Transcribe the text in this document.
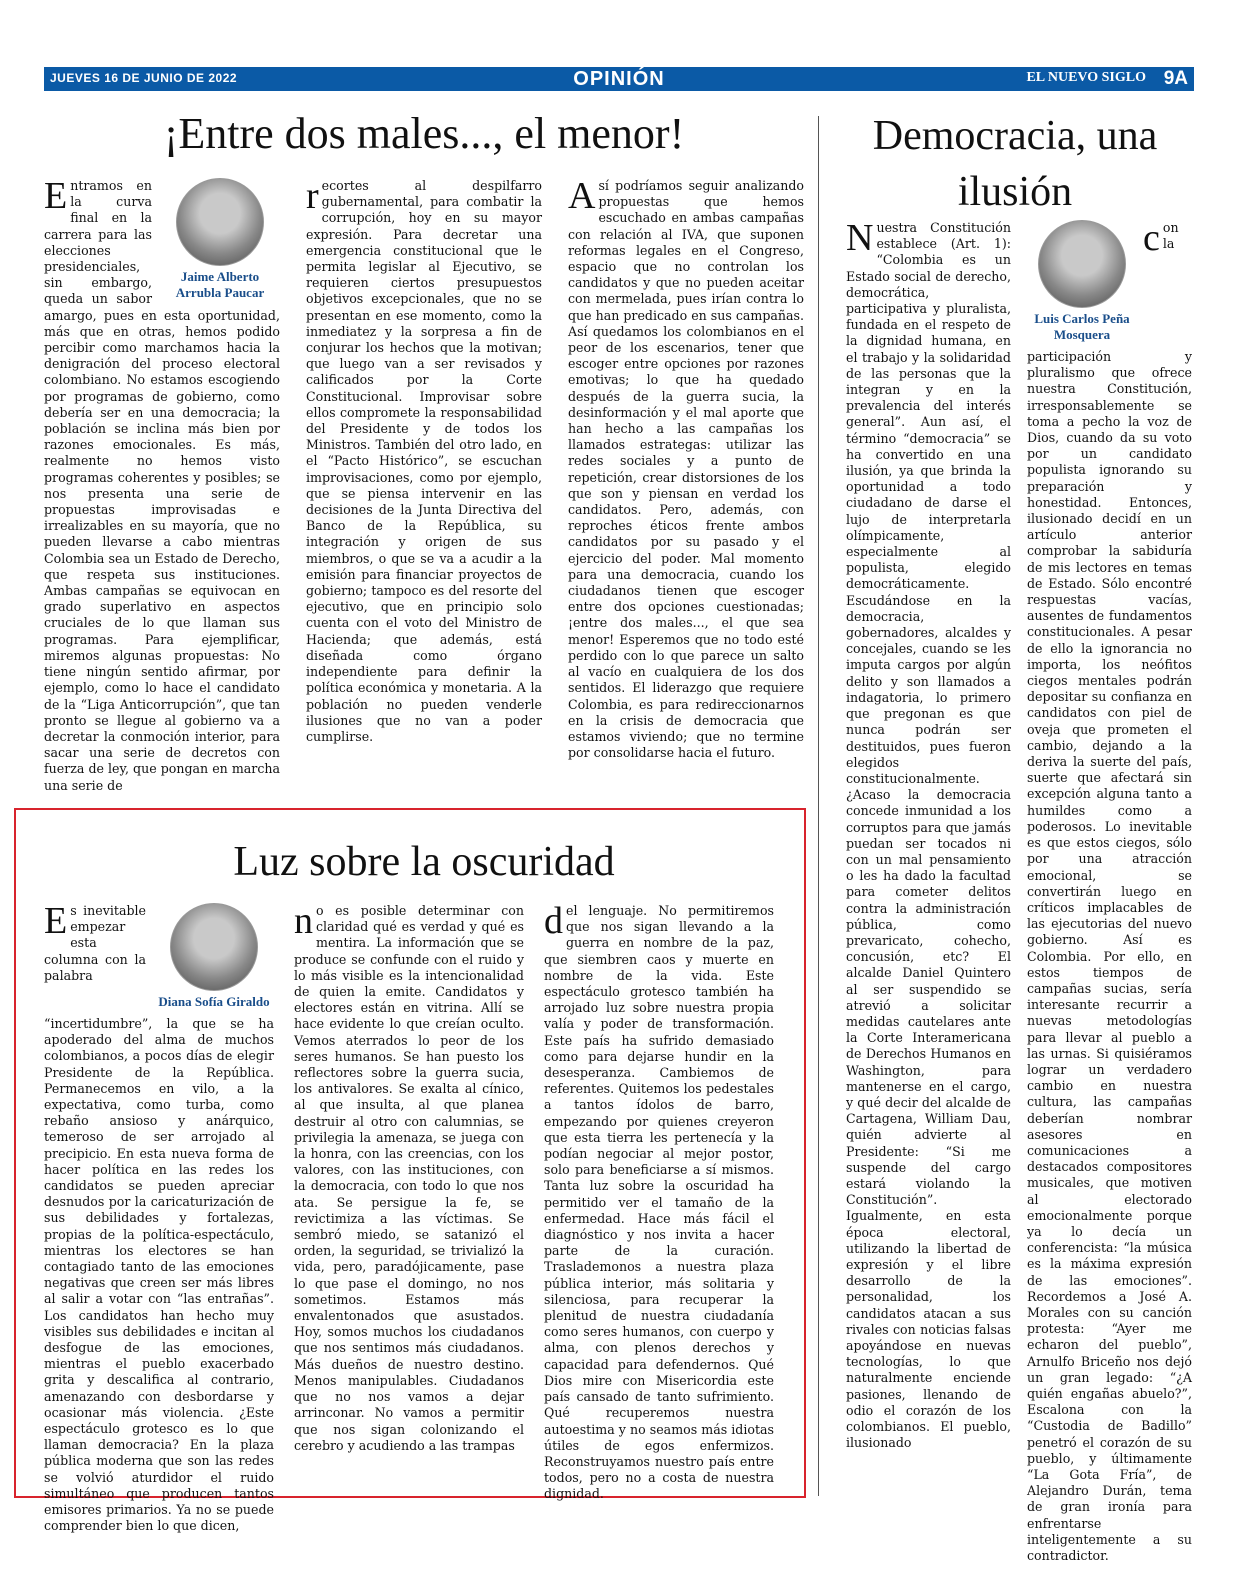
JUEVES 16 DE JUNIO DE 2022	OPINIÓN	EL NUEVO SIGLO 9A
¡Entre dos males..., el menor!
Jaime Alberto Arrubla Paucar

Entramos en la curva final en la carrera para las elecciones presidenciales, sin embargo, queda un sabor amargo, pues en esta oportunidad, más que en otras, hemos podido percibir como marchamos hacia la denigración del proceso electoral colombiano. No estamos escogiendo por programas de gobierno, como debería ser en una democracia; la población se inclina más bien por razones emocionales. Es más, realmente no hemos visto programas coherentes y posibles; se nos presenta una serie de propuestas improvisadas e irrealizables en su mayoría, que no pueden llevarse a cabo mientras Colombia sea un Estado de Derecho, que respeta sus instituciones. Ambas campañas se equivocan en grado superlativo en aspectos cruciales de lo que llaman sus programas. Para ejemplificar, miremos algunas propuestas: No tiene ningún sentido afirmar, por ejemplo, como lo hace el candidato de la “Liga Anticorrupción”, que tan pronto se llegue al gobierno va a decretar la conmoción interior, para sacar una serie de decretos con fuerza de ley, que pongan en marcha una serie de

recortes al despilfarro gubernamental, para combatir la corrupción, hoy en su mayor expresión. Para decretar una emergencia constitucional que le permita legislar al Ejecutivo, se requieren ciertos presupuestos objetivos excepcionales, que no se presentan en ese momento, como la inmediatez y la sorpresa a fin de conjurar los hechos que la motivan; que luego van a ser revisados y calificados por la Corte Constitucional. Improvisar sobre ellos compromete la responsabilidad del Presidente y de todos los Ministros. También del otro lado, en el “Pacto Histórico”, se escuchan improvisaciones, como por ejemplo, que se piensa intervenir en las decisiones de la Junta Directiva del Banco de la República, su integración y origen de sus miembros, o que se va a acudir a la emisión para financiar proyectos de gobierno; tampoco es del resorte del ejecutivo, que en principio solo cuenta con el voto del Ministro de Hacienda; que además, está diseñada como órgano independiente para definir la política económica y monetaria. A la población no pueden venderle ilusiones que no van a poder cumplirse.

Así podríamos seguir analizando propuestas que hemos escuchado en ambas campañas con relación al IVA, que suponen reformas legales en el Congreso, espacio que no controlan los candidatos y que no pueden aceitar con mermelada, pues irían contra lo que han predicado en sus campañas. Así quedamos los colombianos en el peor de los escenarios, tener que escoger entre opciones por razones emotivas; lo que ha quedado después de la guerra sucia, la desinformación y el mal aporte que han hecho a las campañas los llamados estrategas: utilizar las redes sociales y a punto de repetición, crear distorsiones de los que son y piensan en verdad los candidatos. Pero, además, con reproches éticos frente ambos candidatos por su pasado y el ejercicio del poder. Mal momento para una democracia, cuando los ciudadanos tienen que escoger entre dos opciones cuestionadas; ¡entre dos males..., el que sea menor! Esperemos que no todo esté perdido con lo que parece un salto al vacío en cualquiera de los dos sentidos. El liderazgo que requiere Colombia, es para redireccionarnos en la crisis de democracia que estamos viviendo; que no termine por consolidarse hacia el futuro.

Democracia, una ilusión

Nuestra Constitución establece (Art. 1): “Colombia es un Estado social de derecho, democrática, participativa y pluralista, fundada en el respeto de la dignidad humana, en el trabajo y la solidaridad de las personas que la integran y en la prevalencia del interés general”. Aun así, el término “democracia” se ha convertido en una ilusión, ya que brinda la oportunidad a todo ciudadano de darse el lujo de interpretarla olímpicamente, especialmente al populista, elegido democráticamente. Escudándose en la democracia, gobernadores, alcaldes y concejales, cuando se les imputa cargos por algún delito y son llamados a indagatoria, lo primero que pregonan es que nunca podrán ser destituidos, pues fueron elegidos constitucionalmente. ¿Acaso la democracia concede inmunidad a los corruptos para que jamás puedan ser tocados ni con un mal pensamiento o les ha dado la facultad para cometer delitos contra la administración pública, como prevaricato, cohecho, concusión, etc? El alcalde Daniel Quintero al ser suspendido se atrevió a solicitar medidas cautelares ante la Corte Interamericana de Derechos Humanos en Washington, para mantenerse en el cargo, y qué decir del alcalde de Cartagena, William Dau, quién advierte al Presidente: “Si me suspende del cargo estará violando la Constitución”. Igualmente, en esta época electoral, utilizando la libertad de expresión y el libre desarrollo de la personalidad, los candidatos atacan a sus rivales con noticias falsas apoyándose en nuevas tecnologías, lo que naturalmente enciende pasiones, llenando de odio el corazón de los colombianos. El pueblo, ilusionado

Luis Carlos Peña Mosquera

con la participación y pluralismo que ofrece nuestra Constitución, irresponsablemente se toma a pecho la voz de Dios, cuando da su voto por un candidato populista ignorando su preparación y honestidad. Entonces, ilusionado decidí en un artículo anterior comprobar la sabiduría de mis lectores en temas de Estado. Sólo encontré respuestas vacías, ausentes de fundamentos constitucionales. A pesar de ello la ignorancia no importa, los neófitos ciegos mentales podrán depositar su confianza en candidatos con piel de oveja que prometen el cambio, dejando a la deriva la suerte del país, suerte que afectará sin excepción alguna tanto a humildes como a poderosos. Lo inevitable es que estos ciegos, sólo por una atracción emocional, se convertirán luego en críticos implacables de las ejecutorias del nuevo gobierno. Así es Colombia. Por ello, en estos tiempos de campañas sucias, sería interesante recurrir a nuevas metodologías para llevar al pueblo a las urnas. Si quisiéramos lograr un verdadero cambio en nuestra cultura, las campañas deberían nombrar asesores en comunicaciones a destacados compositores musicales, que motiven al electorado emocionalmente porque ya lo decía un conferencista: “la música es la máxima expresión de las emociones”. Recordemos a José A. Morales con su canción protesta: “Ayer me echaron del pueblo”, Arnulfo Briceño nos dejó un gran legado: “¿A quién engañas abuelo?”, Escalona con la “Custodia de Badillo” penetró el corazón de su pueblo, y últimamente “La Gota Fría”, de Alejandro Durán, tema de gran ironía para enfrentarse inteligentemente a su contradictor.

Luz sobre la oscuridad
Diana Sofía Giraldo

Es inevitable empezar esta columna con la palabra “incertidumbre”, la que se ha apoderado del alma de muchos colombianos, a pocos días de elegir Presidente de la República. Permanecemos en vilo, a la expectativa, como turba, como rebaño ansioso y anárquico, temeroso de ser arrojado al precipicio. En esta nueva forma de hacer política en las redes los candidatos se pueden apreciar desnudos por la caricaturización de sus debilidades y fortalezas, propias de la política-espectáculo, mientras los electores se han contagiado tanto de las emociones negativas que creen ser más libres al salir a votar con “las entrañas”. Los candidatos han hecho muy visibles sus debilidades e incitan al desfogue de las emociones, mientras el pueblo exacerbado grita y descalifica al contrario, amenazando con desbordarse y ocasionar más violencia. ¿Este espectáculo grotesco es lo que llaman democracia? En la plaza pública moderna que son las redes se volvió aturdidor el ruido simultáneo que producen tantos emisores primarios. Ya no se puede comprender bien lo que dicen,

no es posible determinar con claridad qué es verdad y qué es mentira. La información que se produce se confunde con el ruido y lo más visible es la intencionalidad de quien la emite. Candidatos y electores están en vitrina. Allí se hace evidente lo que creían oculto. Vemos aterrados lo peor de los seres humanos. Se han puesto los reflectores sobre la guerra sucia, los antivalores. Se exalta al cínico, al que insulta, al que planea destruir al otro con calumnias, se privilegia la amenaza, se juega con la honra, con las creencias, con los valores, con las instituciones, con la democracia, con todo lo que nos ata. Se persigue la fe, se revictimiza a las víctimas. Se sembró miedo, se satanizó el orden, la seguridad, se trivializó la vida, pero, paradójicamente, pase lo que pase el domingo, no nos sometimos. Estamos más envalentonados que asustados. Hoy, somos muchos los ciudadanos que nos sentimos más ciudadanos. Más dueños de nuestro destino. Menos manipulables. Ciudadanos que no nos vamos a dejar arrinconar. No vamos a permitir que nos sigan colonizando el cerebro y acudiendo a las trampas

del lenguaje. No permitiremos que nos sigan llevando a la guerra en nombre de la paz, que siembren caos y muerte en nombre de la vida. Este espectáculo grotesco también ha arrojado luz sobre nuestra propia valía y poder de transformación. Este país ha sufrido demasiado como para dejarse hundir en la desesperanza. Cambiemos de referentes. Quitemos los pedestales a tantos ídolos de barro, empezando por quienes creyeron que esta tierra les pertenecía y la podían negociar al mejor postor, solo para beneficiarse a sí mismos. Tanta luz sobre la oscuridad ha permitido ver el tamaño de la enfermedad. Hace más fácil el diagnóstico y nos invita a hacer parte de la curación. Traslademonos a nuestra plaza pública interior, más solitaria y silenciosa, para recuperar la plenitud de nuestra ciudadanía como seres humanos, con cuerpo y alma, con plenos derechos y capacidad para defendernos. Qué Dios mire con Misericordia este país cansado de tanto sufrimiento. Qué recuperemos nuestra autoestima y no seamos más idiotas útiles de egos enfermizos. Reconstruyamos nuestro país entre todos, pero no a costa de nuestra dignidad.
